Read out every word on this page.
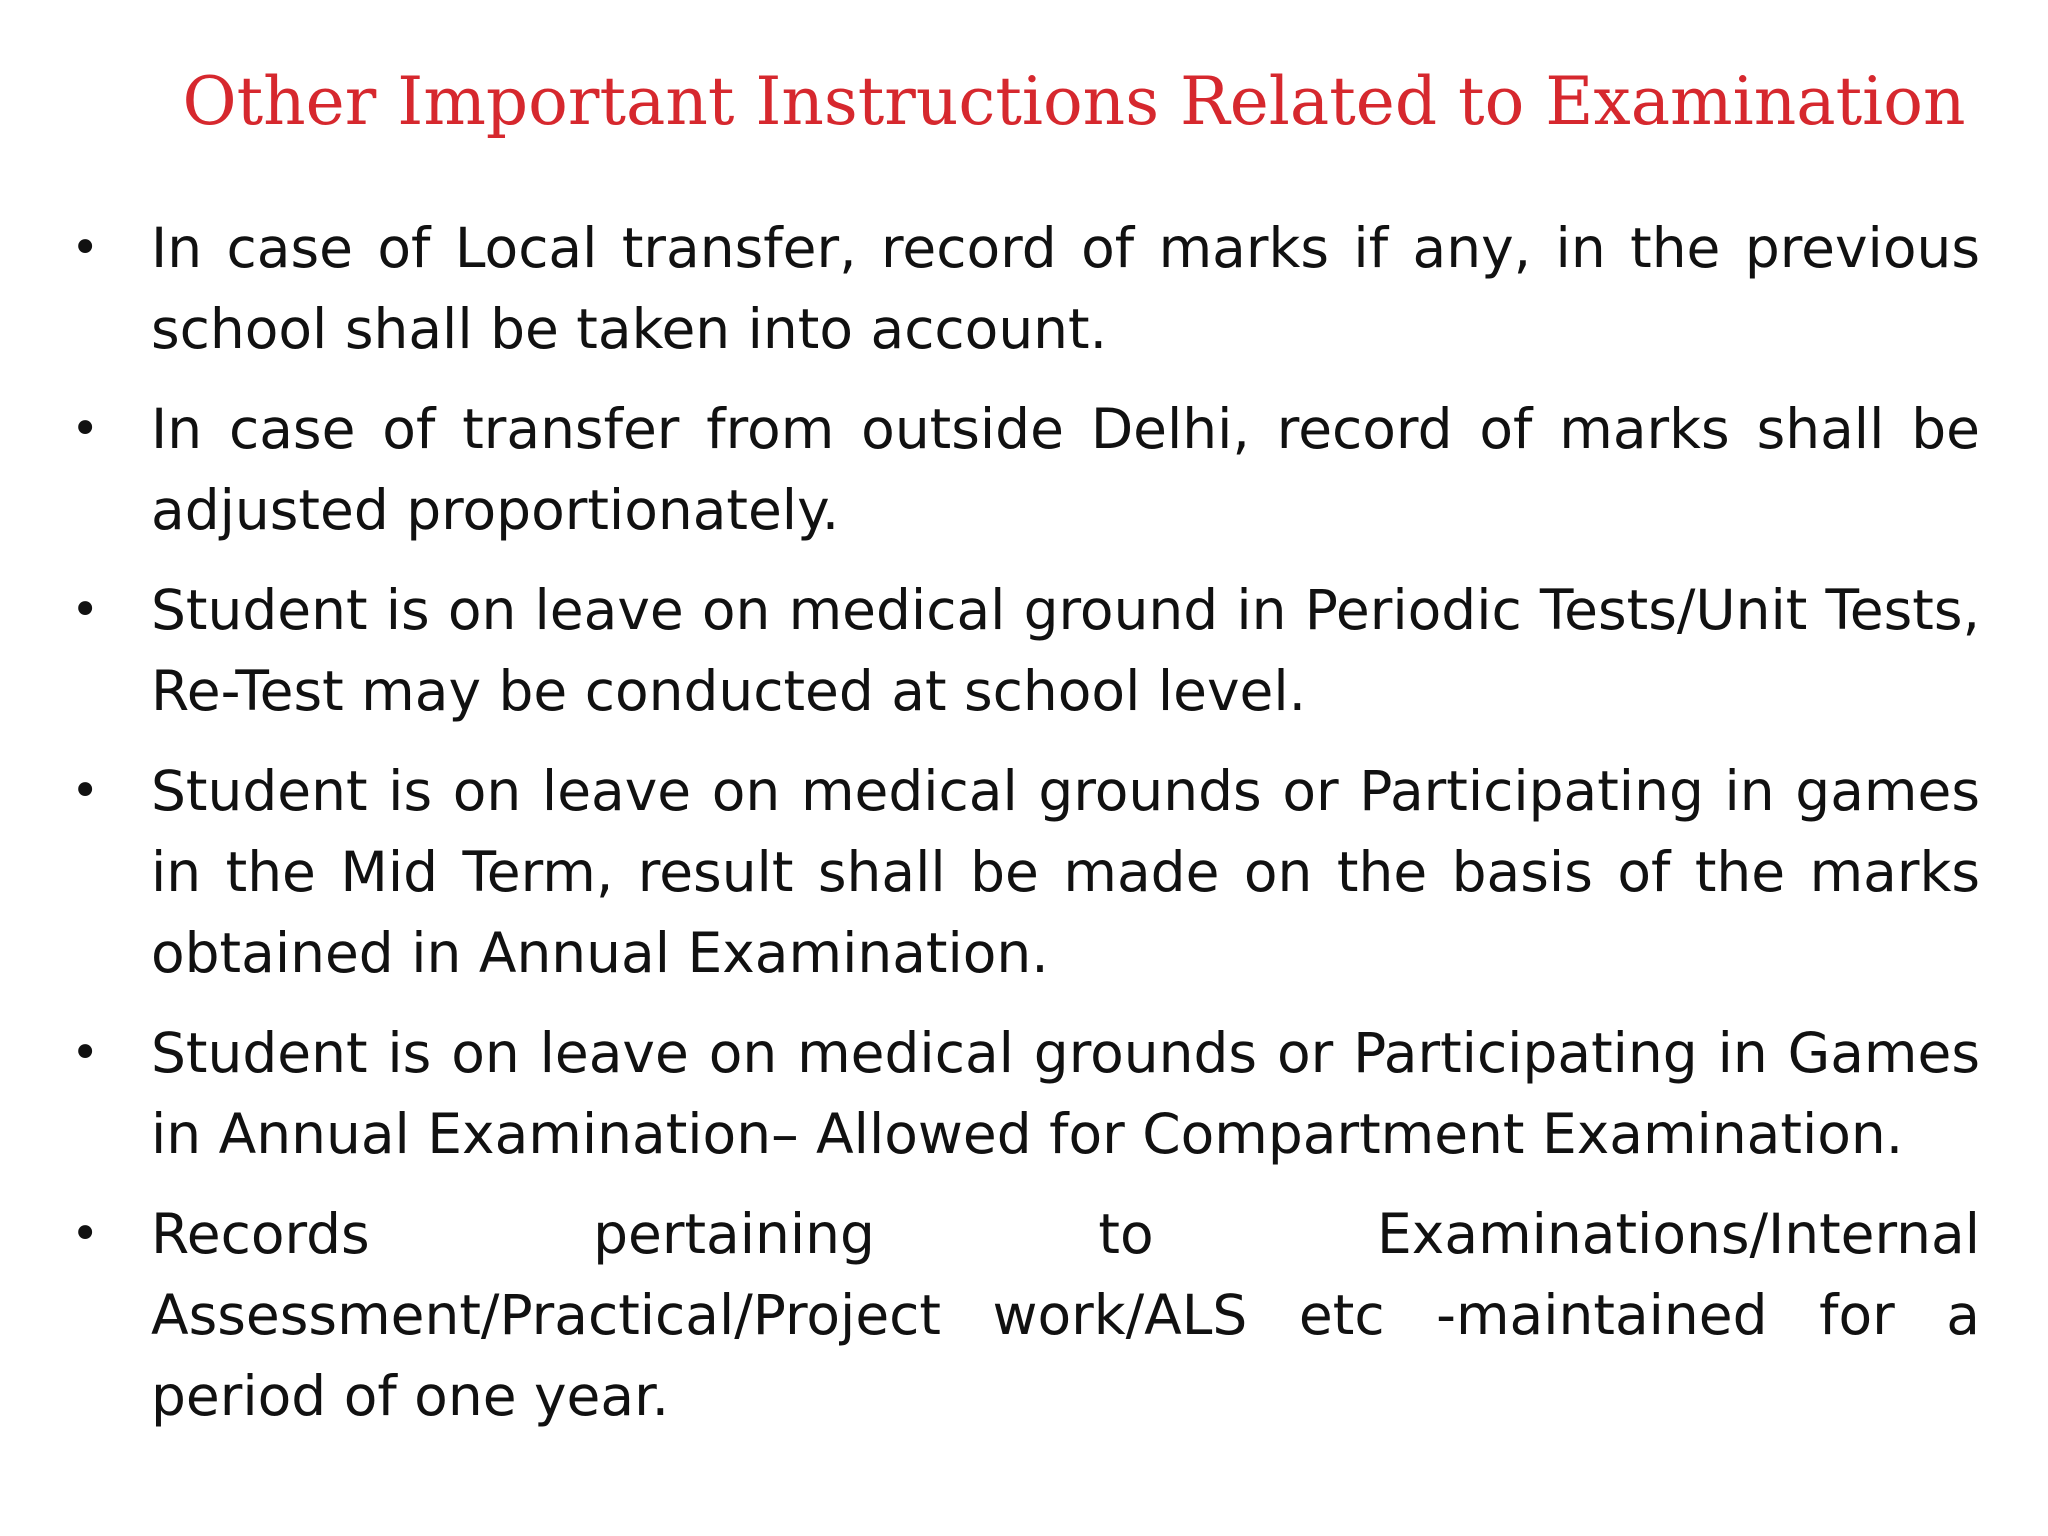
Other Important Instructions Related to Examination
• In case of Local transfer, record of marks if any, in the previous school shall be taken into account.
• In case of transfer from outside Delhi, record of marks shall be adjusted proportionately.
• Student is on leave on medical ground in Periodic Tests/Unit Tests, Re-Test may be conducted at school level.
• Student is on leave on medical grounds or Participating in games in the Mid Term, result shall be made on the basis of the marks obtained in Annual Examination.
• Student is on leave on medical grounds or Participating in Games in Annual Examination– Allowed for Compartment Examination.
• Records pertaining to Examinations/Internal Assessment/Practical/Project work/ALS etc -maintained for a period of one year.
